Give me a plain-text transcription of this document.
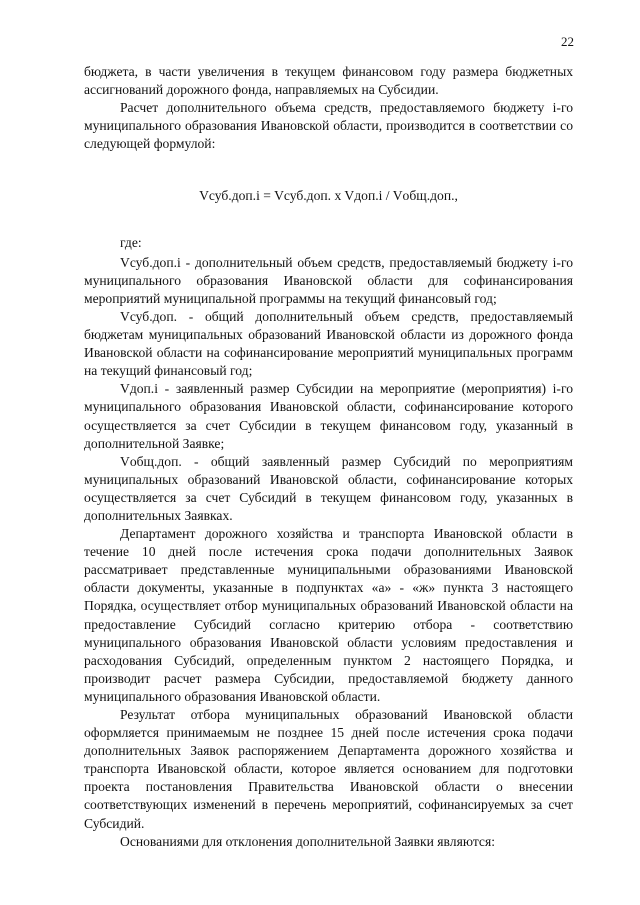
22

бюджета, в части увеличения в текущем финансовом году размера бюджетных ассигнований дорожного фонда, направляемых на Субсидии.

Расчет дополнительного объема средств, предоставляемого бюджету i-го муниципального образования Ивановской области, производится в соответствии со следующей формулой:

Vсуб.доп.i = Vсуб.доп. x Vдоп.i / Vобщ.доп.,

где:

Vсуб.доп.i - дополнительный объем средств, предоставляемый бюджету i-го муниципального образования Ивановской области для софинансирования мероприятий муниципальной программы на текущий финансовый год;

Vсуб.доп. - общий дополнительный объем средств, предоставляемый бюджетам муниципальных образований Ивановской области из дорожного фонда Ивановской области на софинансирование мероприятий муниципальных программ на текущий финансовый год;

Vдоп.i - заявленный размер Субсидии на мероприятие (мероприятия) i-го муниципального образования Ивановской области, софинансирование которого осуществляется за счет Субсидии в текущем финансовом году, указанный в дополнительной Заявке;

Vобщ.доп. - общий заявленный размер Субсидий по мероприятиям муниципальных образований Ивановской области, софинансирование которых осуществляется за счет Субсидий в текущем финансовом году, указанных в дополнительных Заявках.

Департамент дорожного хозяйства и транспорта Ивановской области в течение 10 дней после истечения срока подачи дополнительных Заявок рассматривает представленные муниципальными образованиями Ивановской области документы, указанные в подпунктах «а» - «ж» пункта 3 настоящего Порядка, осуществляет отбор муниципальных образований Ивановской области на предоставление Субсидий согласно критерию отбора - соответствию муниципального образования Ивановской области условиям предоставления и расходования Субсидий, определенным пунктом 2 настоящего Порядка, и производит расчет размера Субсидии, предоставляемой бюджету данного муниципального образования Ивановской области.

Результат отбора муниципальных образований Ивановской области оформляется принимаемым не позднее 15 дней после истечения срока подачи дополнительных Заявок распоряжением Департамента дорожного хозяйства и транспорта Ивановской области, которое является основанием для подготовки проекта постановления Правительства Ивановской области о внесении соответствующих изменений в перечень мероприятий, софинансируемых за счет Субсидий.

Основаниями для отклонения дополнительной Заявки являются:
